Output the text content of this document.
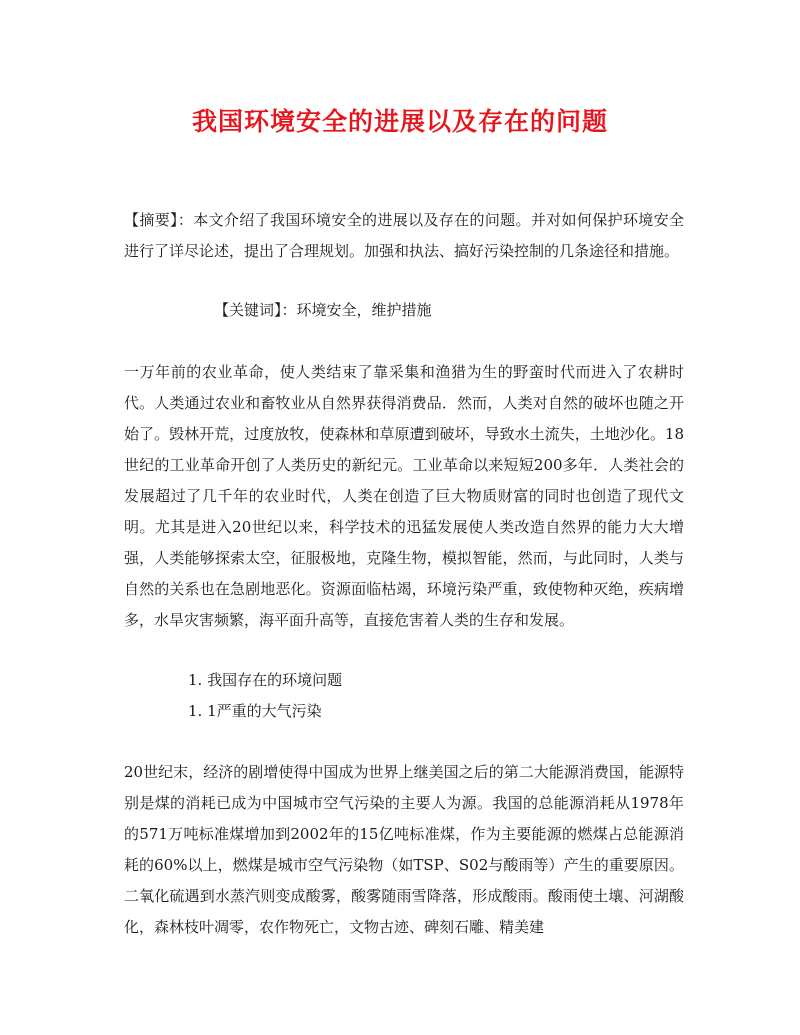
我国环境安全的进展以及存在的问题
【摘要】：本文介绍了我国环境安全的进展以及存在的问题。并对如何保护环境安全进行了详尽论述，提出了合理规划。加强和执法、搞好污染控制的几条途径和措施。
【关键词】：环境安全，维护措施
一万年前的农业革命，使人类结束了靠采集和渔猎为生的野蛮时代而进入了农耕时代。人类通过农业和畜牧业从自然界获得消费品．然而，人类对自然的破坏也随之开始了。毁林开荒，过度放牧，使森林和草原遭到破坏，导致水土流失，土地沙化。18世纪的工业革命开创了人类历史的新纪元。工业革命以来短短200多年．人类社会的发展超过了几千年的农业时代，人类在创造了巨大物质财富的同时也创造了现代文明。尤其是进入20世纪以来，科学技术的迅猛发展使人类改造自然界的能力大大增强，人类能够探索太空，征服极地，克隆生物，模拟智能，然而，与此同时，人类与自然的关系也在急剧地恶化。资源面临枯竭，环境污染严重，致使物种灭绝，疾病增多，水旱灾害频繁，海平面升高等，直接危害着人类的生存和发展。
1. 我国存在的环境问题
1. 1严重的大气污染
20世纪末，经济的剧增使得中国成为世界上继美国之后的第二大能源消费国，能源特别是煤的消耗已成为中国城市空气污染的主要人为源。我国的总能源消耗从1978年的571万吨标准煤增加到2002年的15亿吨标准煤，作为主要能源的燃煤占总能源消耗的60%以上，燃煤是城市空气污染物（如TSP、S02与酸雨等）产生的重要原因。二氧化硫遇到水蒸汽则变成酸雾，酸雾随雨雪降落，形成酸雨。酸雨使土壤、河湖酸化，森林枝叶凋零，农作物死亡，文物古迹、碑刻石雕、精美建
